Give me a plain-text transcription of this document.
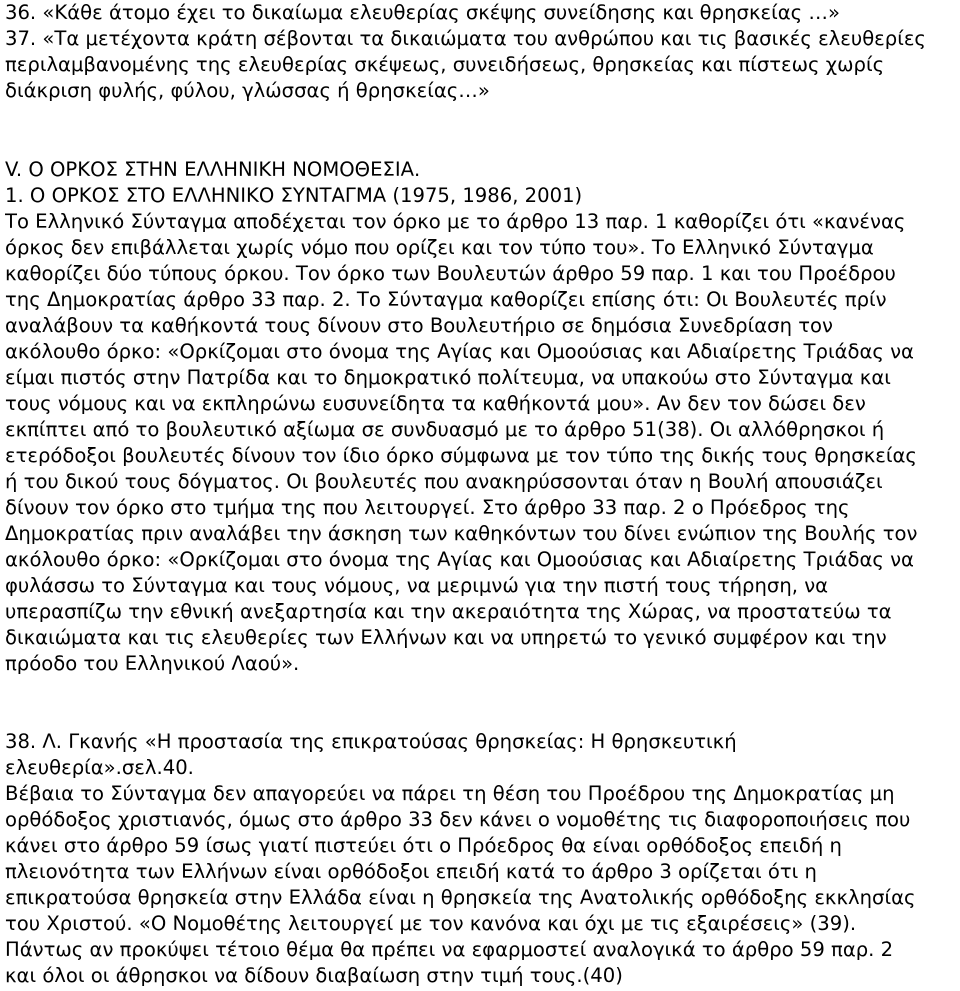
36. «Κάθε άτομο έχει το δικαίωμα ελευθερίας σκέψης συνείδησης και θρησκείας …»
37. «Τα μετέχοντα κράτη σέβονται τα δικαιώματα του ανθρώπου και τις βασικές ελευθερίες
περιλαμβανομένης της ελευθερίας σκέψεως, συνειδήσεως, θρησκείας και πίστεως χωρίς
διάκριση φυλής, φύλου, γλώσσας ή θρησκείας…»
V. Ο ΟΡΚΟΣ ΣΤΗΝ ΕΛΛΗΝΙΚΗ ΝΟΜΟΘΕΣΙΑ.
1. Ο ΟΡΚΟΣ ΣΤΟ ΕΛΛΗΝΙΚΟ ΣΥΝΤΑΓΜΑ (1975, 1986, 2001)
Το Ελληνικό Σύνταγμα αποδέχεται τον όρκο με το άρθρο 13 παρ. 1 καθορίζει ότι «κανένας
όρκος δεν επιβάλλεται χωρίς νόμο που ορίζει και τον τύπο του». Το Ελληνικό Σύνταγμα
καθορίζει δύο τύπους όρκου. Τον όρκο των Βουλευτών άρθρο 59 παρ. 1 και του Προέδρου
της Δημοκρατίας άρθρο 33 παρ. 2. Το Σύνταγμα καθορίζει επίσης ότι: Οι Βουλευτές πρίν
αναλάβουν τα καθήκοντά τους δίνουν στο Βουλευτήριο σε δημόσια Συνεδρίαση τον
ακόλουθο όρκο: «Ορκίζομαι στο όνομα της Αγίας και Ομοούσιας και Αδιαίρετης Τριάδας να
είμαι πιστός στην Πατρίδα και το δημοκρατικό πολίτευμα, να υπακούω στο Σύνταγμα και
τους νόμους και να εκπληρώνω ευσυνείδητα τα καθήκοντά μου». Αν δεν τον δώσει δεν
εκπίπτει από το βουλευτικό αξίωμα σε συνδυασμό με το άρθρο 51(38). Οι αλλόθρησκοι ή
ετερόδοξοι βουλευτές δίνουν τον ίδιο όρκο σύμφωνα με τον τύπο της δικής τους θρησκείας
ή του δικού τους δόγματος. Οι βουλευτές που ανακηρύσσονται όταν η Βουλή απουσιάζει
δίνουν τον όρκο στο τμήμα της που λειτουργεί. Στο άρθρο 33 παρ. 2 ο Πρόεδρος της
Δημοκρατίας πριν αναλάβει την άσκηση των καθηκόντων του δίνει ενώπιον της Βουλής τον
ακόλουθο όρκο: «Ορκίζομαι στο όνομα της Αγίας και Ομοούσιας και Αδιαίρετης Τριάδας να
φυλάσσω το Σύνταγμα και τους νόμους, να μεριμνώ για την πιστή τους τήρηση, να
υπερασπίζω την εθνική ανεξαρτησία και την ακεραιότητα της Χώρας, να προστατεύω τα
δικαιώματα και τις ελευθερίες των Ελλήνων και να υπηρετώ το γενικό συμφέρον και την
πρόοδο του Ελληνικού Λαού».
38. Λ. Γκανής «Η προστασία της επικρατούσας θρησκείας: Η θρησκευτική
ελευθερία».σελ.40.
Βέβαια το Σύνταγμα δεν απαγορεύει να πάρει τη θέση του Προέδρου της Δημοκρατίας μη
ορθόδοξος χριστιανός, όμως στο άρθρο 33 δεν κάνει ο νομοθέτης τις διαφοροποιήσεις που
κάνει στο άρθρο 59 ίσως γιατί πιστεύει ότι ο Πρόεδρος θα είναι ορθόδοξος επειδή η
πλειονότητα των Ελλήνων είναι ορθόδοξοι επειδή κατά το άρθρο 3 ορίζεται ότι η
επικρατούσα θρησκεία στην Ελλάδα είναι η θρησκεία της Ανατολικής ορθόδοξης εκκλησίας
του Χριστού. «Ο Νομοθέτης λειτουργεί με τον κανόνα και όχι με τις εξαιρέσεις» (39).
Πάντως αν προκύψει τέτοιο θέμα θα πρέπει να εφαρμοστεί αναλογικά το άρθρο 59 παρ. 2
και όλοι οι άθρησκοι να δίδουν διαβαίωση στην τιμή τους.(40)
